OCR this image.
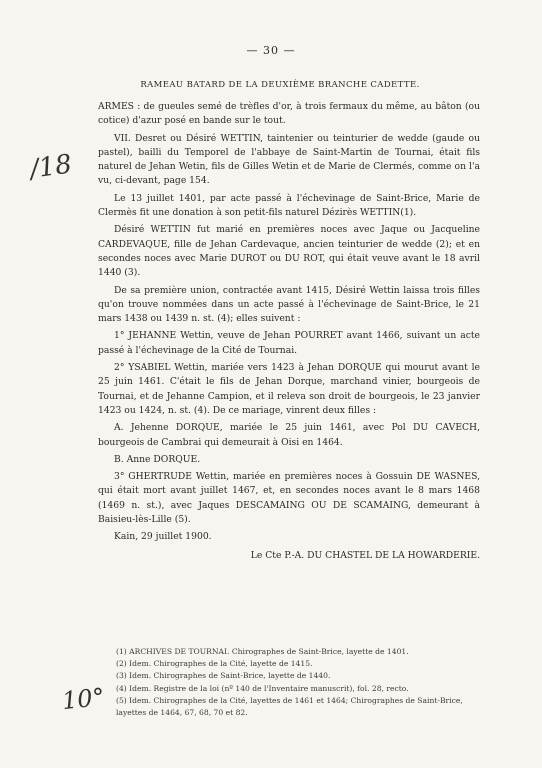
— 30 —
RAMEAU BATARD DE LA DEUXIÈME BRANCHE CADETTE.

ARMES : de gueules semé de trèfles d'or, à trois fermaux du même, au bâton (ou cotice) d'azur posé en bande sur le tout.

VII. Desret ou Désiré WETTIN, taintenier ou teinturier de wedde (gaude ou pastel), bailli du Temporel de l'abbaye de Saint-Martin de Tournai, était fils naturel de Jehan Wetin, fils de Gilles Wetin et de Marie de Clermés, comme on l'a vu, ci-devant, page 154.

Le 13 juillet 1401, par acte passé à l'échevinage de Saint-Brice, Marie de Clermès fit une donation à son petit-fils naturel Dézirès WETTIN(1).

Désiré WETTIN fut marié en premières noces avec Jaque ou Jacqueline CARDEVAQUE, fille de Jehan Cardevaque, ancien teinturier de wedde (2); et en secondes noces avec Marie DUROT ou DU ROT, qui était veuve avant le 18 avril 1440 (3).

De sa première union, contractée avant 1415, Désiré Wettin laissa trois filles qu'on trouve nommées dans un acte passé à l'échevinage de Saint-Brice, le 21 mars 1438 ou 1439 n. st. (4); elles suivent :

1° JEHANNE Wettin, veuve de Jehan POURRET avant 1466, suivant un acte passé à l'échevinage de la Cité de Tournai.

2° YSABIEL Wettin, mariée vers 1423 à Jehan DORQUE qui mourut avant le 25 juin 1461. C'était le fils de Jehan Dorque, marchand vinier, bourgeois de Tournai, et de Jehanne Campion, et il releva son droit de bourgeois, le 23 janvier 1423 ou 1424, n. st. (4). De ce mariage, vinrent deux filles :

A. Jehenne DORQUE, mariée le 25 juin 1461, avec Pol DU CAVECH, bourgeois de Cambrai qui demeurait à Oisi en 1464.

B. Anne DORQUE.

3° GHERTRUDE Wettin, mariée en premières noces à Gossuin DE WASNES, qui était mort avant juillet 1467, et, en secondes noces avant le 8 mars 1468 (1469 n. st.), avec Jaques DESCAMAING OU DE SCAMAING, demeurant à Baisieu-lès-Lille (5).

Kain, 29 juillet 1900.

Le Cte P.-A. DU CHASTEL DE LA HOWARDERIE.

(1) ARCHIVES DE TOURNAI. Chirographes de Saint-Brice, layette de 1401.

(2) Idem. Chirographes de la Cité, layette de 1415.

(3) Idem. Chirographes de Saint-Brice, layette de 1440.

(4) Idem. Registre de la loi (nº 140 de l'Inventaire manuscrit), fol. 28, recto.

(5) Idem. Chirographes de la Cité, layettes de 1461 et 1464; Chirographes de Saint-Brice, layettes de 1464, 67, 68, 70 et 82.

/18
10°
